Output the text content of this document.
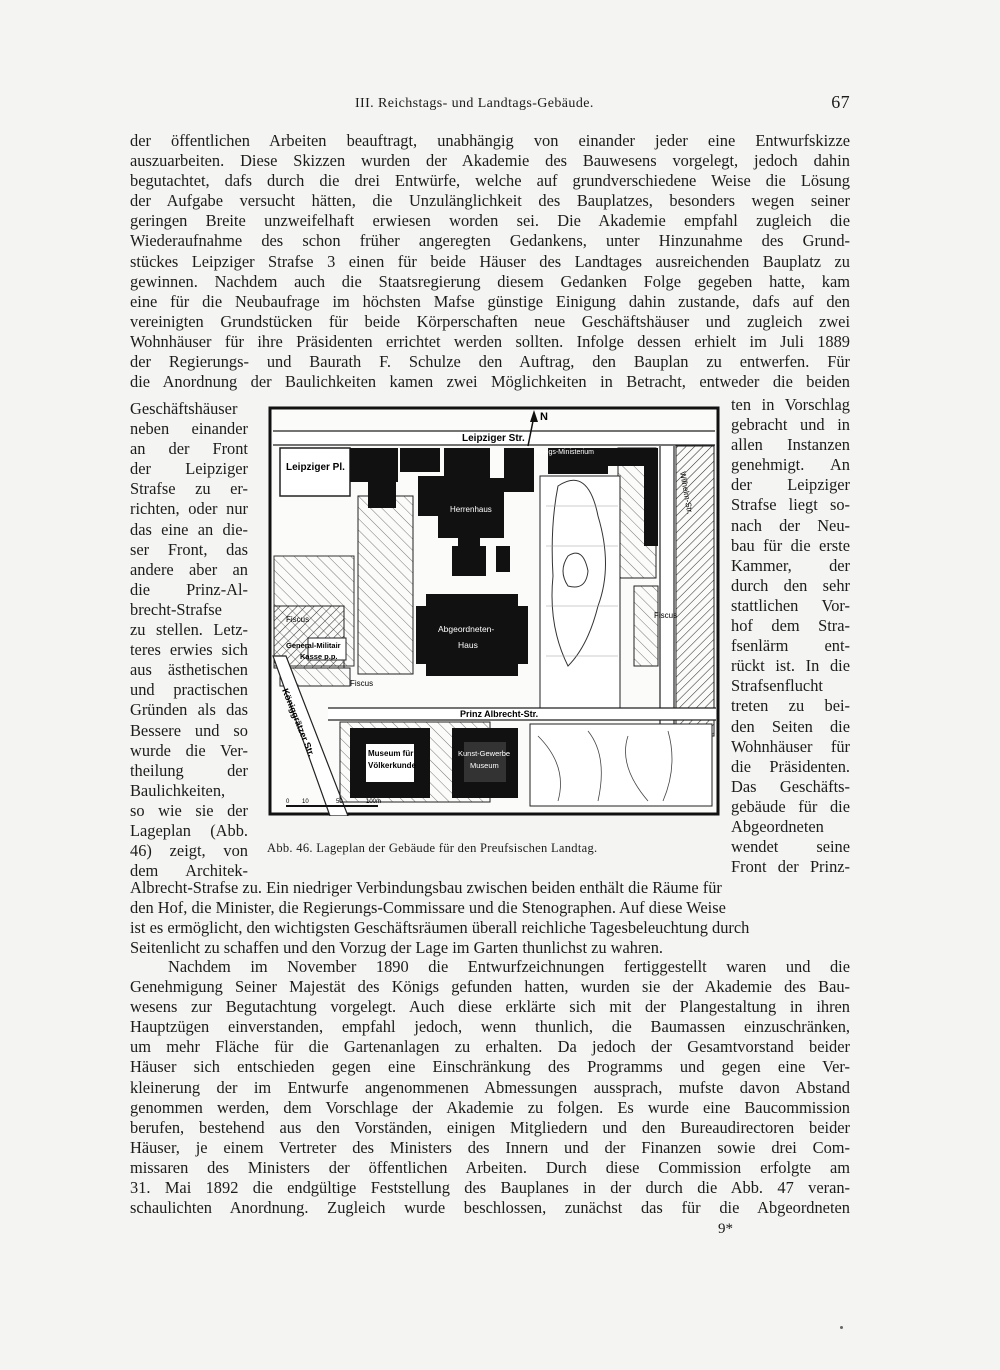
III. Reichstags- und Landtags-Gebäude.	67

der öffentlichen Arbeiten beauftragt, unabhängig von einander jeder eine Entwurfskizze
auszuarbeiten. Diese Skizzen wurden der Akademie des Bauwesens vorgelegt, jedoch dahin
begutachtet, dafs durch die drei Entwürfe, welche auf grundverschiedene Weise die Lösung
der Aufgabe versucht hätten, die Unzulänglichkeit des Bauplatzes, besonders wegen seiner
geringen Breite unzweifelhaft erwiesen worden sei. Die Akademie empfahl zugleich die
Wiederaufnahme des schon früher angeregten Gedankens, unter Hinzunahme des Grund-
stückes Leipziger Strafse 3 einen für beide Häuser des Landtages ausreichenden Bauplatz zu
gewinnen. Nachdem auch die Staatsregierung diesem Gedanken Folge gegeben hatte, kam
eine für die Neubaufrage im höchsten Mafse günstige Einigung dahin zustande, dafs auf den
vereinigten Grundstücken für beide Körperschaften neue Geschäftshäuser und zugleich zwei
Wohnhäuser für ihre Präsidenten errichtet werden sollten. Infolge dessen erhielt im Juli 1889
der Regierungs- und Baurath F. Schulze den Auftrag, den Bauplan zu entwerfen. Für
die Anordnung der Baulichkeiten kamen zwei Möglichkeiten in Betracht, entweder die beiden

Geschäftshäuser
neben einander
an der Front
der Leipziger
Strafse zu er-
richten, oder nur
das eine an die-
ser Front, das
andere aber an
die Prinz-Al-
brecht-Strafse
zu stellen. Letz-
teres erwies sich
aus ästhetischen
und practischen
Gründen als das
Bessere und so
wurde die Ver-
theilung der
Baulichkeiten,
so wie sie der
Lageplan (Abb.
46) zeigt, von
dem Architek-
ten in Vorschlag
gebracht und in
allen Instanzen
genehmigt. An
der Leipziger
Strafse liegt so-
nach der Neu-
bau für die erste
Kammer, der
durch den sehr
stattlichen Vor-
hof dem Stra-
fsenlärm ent-
rückt ist. In die
Strafsenflucht
treten zu bei-
den Seiten die
Wohnhäuser für
die Präsidenten.
Das Geschäfts-
gebäude für die
Abgeordneten
wendet seine
Front der Prinz-
N
Leipziger Str.
Kriegs-Ministerium
Leipziger Pl.
Wilhelm-Str.
Herrenhaus
Abgeordneten-
Haus
Fiscus	Fiscus
Fiscus
General-Militair
Kasse p.p.
Königgrätzer Str.	Prinz Albrecht-Str.
Museum für
Völkerkunde
Kunst-Gewerbe
Museum
0 10	50	100m
Abb. 46. Lageplan der Gebäude für den Preufsischen Landtag.

Albrecht-Strafse zu. Ein niedriger Verbindungsbau zwischen beiden enthält die Räume für
den Hof, die Minister, die Regierungs-Commissare und die Stenographen. Auf diese Weise
ist es ermöglicht, den wichtigsten Geschäftsräumen überall reichliche Tagesbeleuchtung durch
Seitenlicht zu schaffen und den Vorzug der Lage im Garten thunlichst zu wahren.

Nachdem im November 1890 die Entwurfzeichnungen fertiggestellt waren und die
Genehmigung Seiner Majestät des Königs gefunden hatten, wurden sie der Akademie des Bau-
wesens zur Begutachtung vorgelegt. Auch diese erklärte sich mit der Plangestaltung in ihren
Hauptzügen einverstanden, empfahl jedoch, wenn thunlich, die Baumassen einzuschränken,
um mehr Fläche für die Gartenanlagen zu erhalten. Da jedoch der Gesamtvorstand beider
Häuser sich entschieden gegen eine Einschränkung des Programms und gegen eine Ver-
kleinerung der im Entwurfe angenommenen Abmessungen aussprach, mufste davon Abstand
genommen werden, dem Vorschlage der Akademie zu folgen. Es wurde eine Baucommission
berufen, bestehend aus den Vorständen, einigen Mitgliedern und den Bureaudirectoren beider
Häuser, je einem Vertreter des Ministers des Innern und der Finanzen sowie drei Com-
missaren des Ministers der öffentlichen Arbeiten. Durch diese Commission erfolgte am
31. Mai 1892 die endgültige Feststellung des Bauplanes in der durch die Abb. 47 veran-
schaulichten Anordnung. Zugleich wurde beschlossen, zunächst das für die Abgeordneten

9*
